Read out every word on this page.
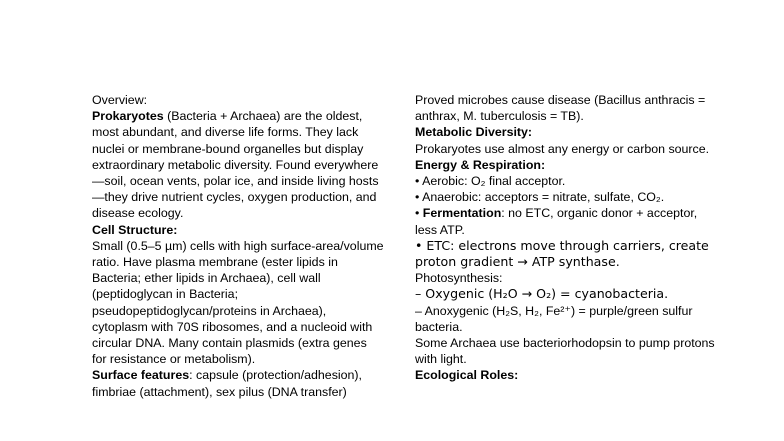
Overview:

Prokaryotes (Bacteria + Archaea) are the oldest, most abundant, and diverse life forms. They lack nuclei or membrane-bound organelles but display extraordinary metabolic diversity. Found everywhere—soil, ocean vents, polar ice, and inside living hosts—they drive nutrient cycles, oxygen production, and disease ecology.

Cell Structure:

Small (0.5–5 µm) cells with high surface-area/volume ratio. Have plasma membrane (ester lipids in Bacteria; ether lipids in Archaea), cell wall (peptidoglycan in Bacteria; pseudopeptidoglycan/proteins in Archaea), cytoplasm with 70S ribosomes, and a nucleoid with circular DNA. Many contain plasmids (extra genes for resistance or metabolism).

Surface features: capsule (protection/adhesion), fimbriae (attachment), sex pilus (DNA transfer)

Proved microbes cause disease (Bacillus anthracis = anthrax, M. tuberculosis = TB).

Metabolic Diversity:

Prokaryotes use almost any energy or carbon source.

Energy & Respiration:

• Aerobic: O₂ final acceptor.

• Anaerobic: acceptors = nitrate, sulfate, CO₂.

• Fermentation: no ETC, organic donor + acceptor, less ATP.

• ETC: electrons move through carriers, create proton gradient → ATP synthase.

Photosynthesis:

– Oxygenic (H₂O → O₂) = cyanobacteria.

– Anoxygenic (H₂S, H₂, Fe²⁺) = purple/green sulfur bacteria.

Some Archaea use bacteriorhodopsin to pump protons with light.

Ecological Roles:
